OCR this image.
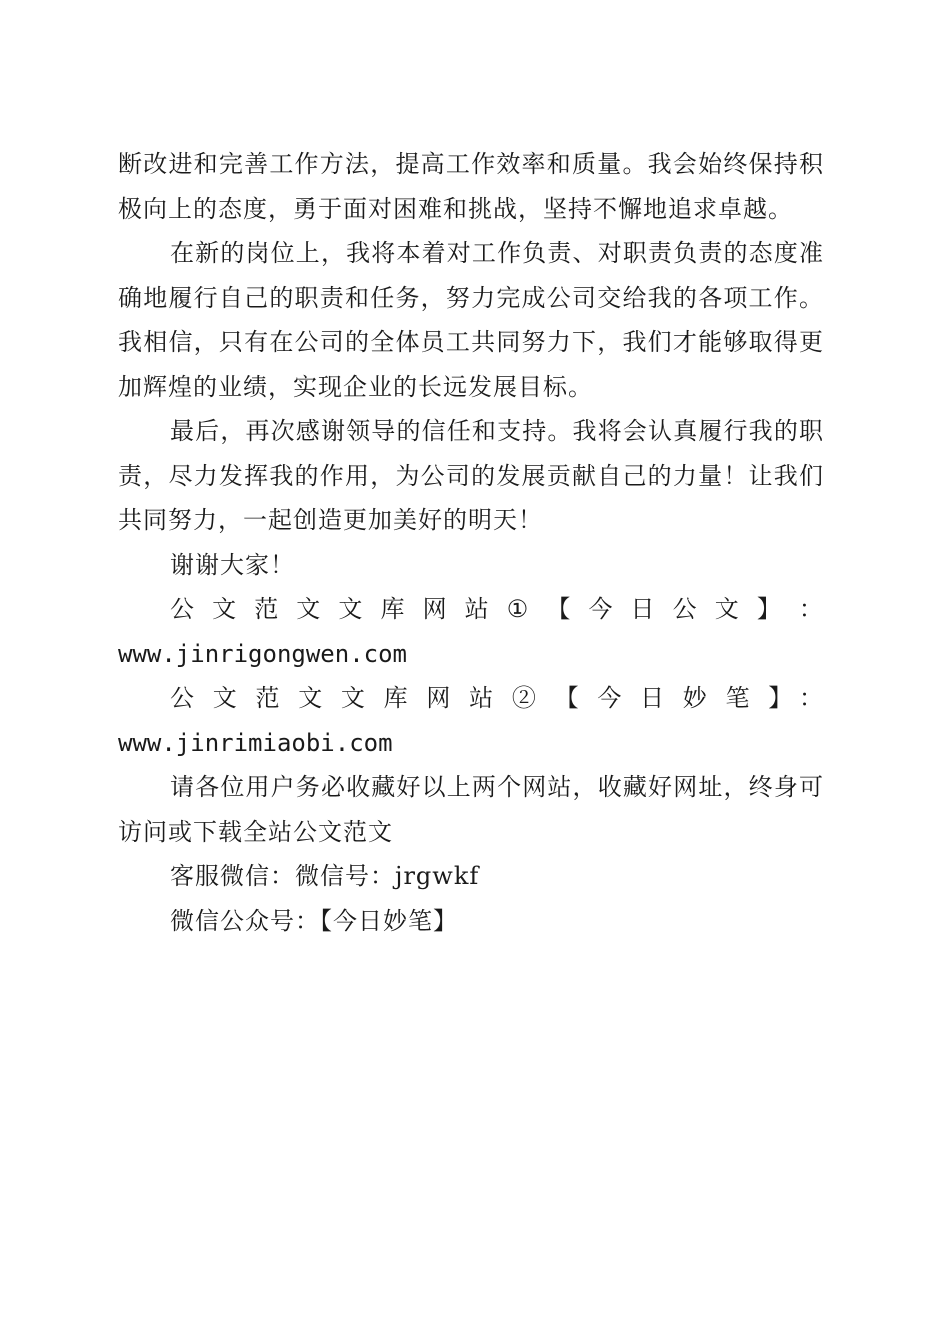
断改进和完善工作方法，提高工作效率和质量。我会始终保持积极向上的态度，勇于面对困难和挑战，坚持不懈地追求卓越。

在新的岗位上，我将本着对工作负责、对职责负责的态度准确地履行自己的职责和任务，努力完成公司交给我的各项工作。我相信，只有在公司的全体员工共同努力下，我们才能够取得更加辉煌的业绩，实现企业的长远发展目标。

最后，再次感谢领导的信任和支持。我将会认真履行我的职责，尽力发挥我的作用，为公司的发展贡献自己的力量！让我们共同努力，一起创造更加美好的明天！

谢谢大家！

公 文 范 文 文 库 网 站 ① 【 今 日 公 文 】 ：
www.jinrigongwen.com

公文范文文库网站②【今日妙笔】：www.jinrimiaobi.com

请各位用户务必收藏好以上两个网站，收藏好网址，终身可访问或下载全站公文范文

客服微信：微信号：jrgwkf

微信公众号：【今日妙笔】
